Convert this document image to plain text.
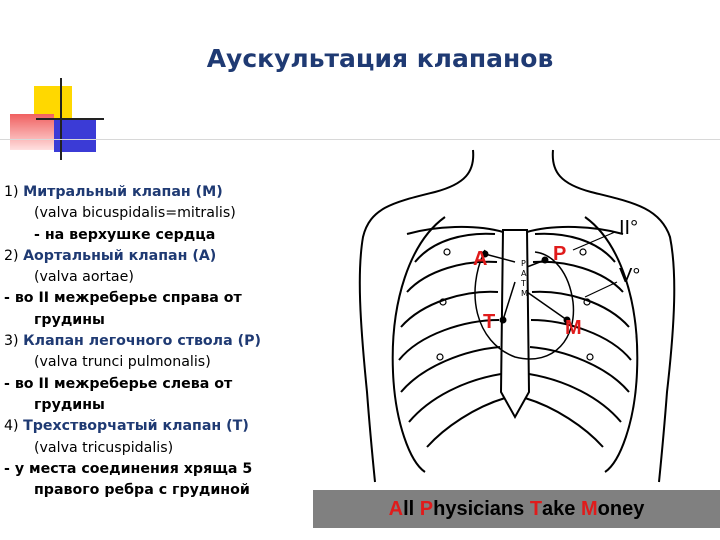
Аускультация клапанов
1) Митральный клапан (М)
(valva bicuspidalis=mitralis)
- на верхушке сердца
2) Аортальный клапан (А)
(valva aortae)
- во II межреберье справа от
грудины
3) Клапан легочного ствола (Р)
(valva trunci pulmonalis)
- во II межреберье слева от
грудины
4) Трехстворчатый клапан (Т)
(valva tricuspidalis)
- у места соединения хряща 5
правого ребра с грудиной
A	P
T	M
II°
V°
P
A
T
M
A ll P hysicians T ake M oney
